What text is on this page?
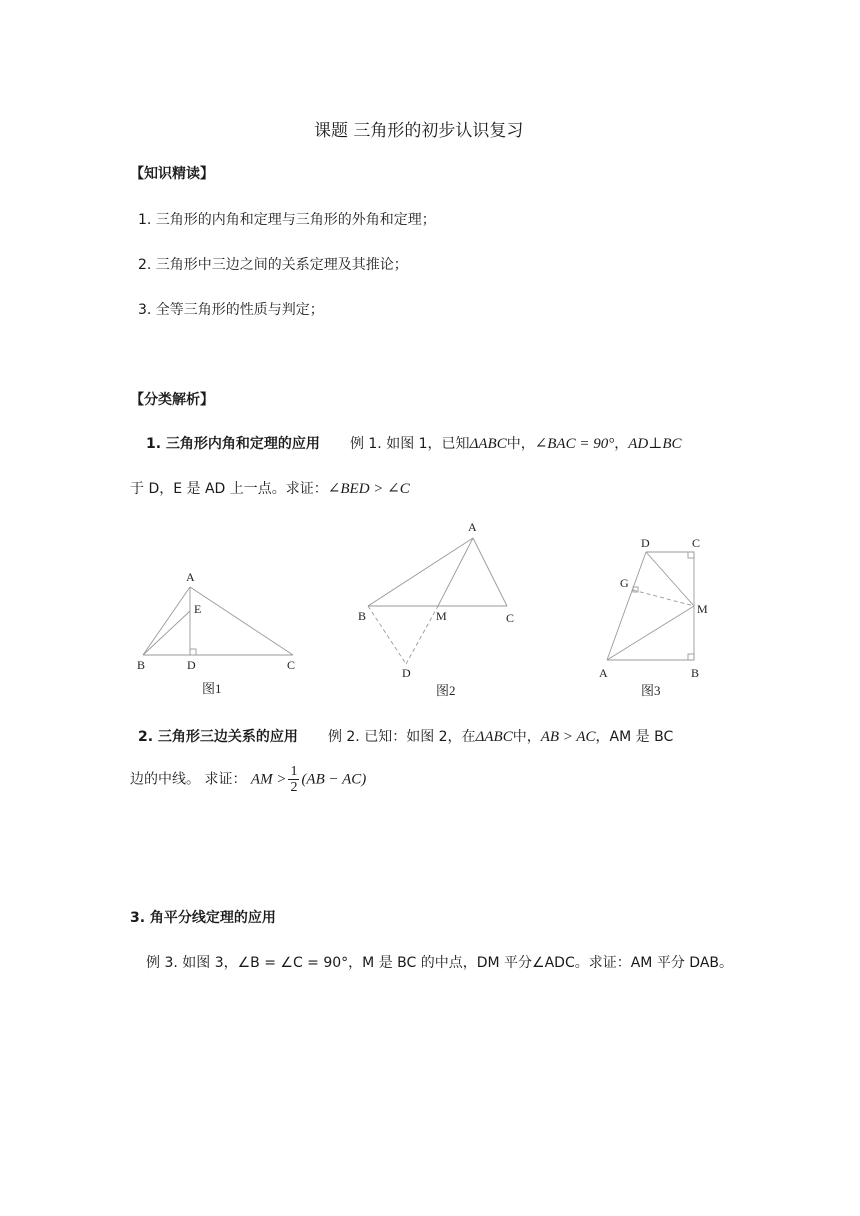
课题 三角形的初步认识复习
【知识精读】
1. 三角形的内角和定理与三角形的外角和定理；
2. 三角形中三边之间的关系定理及其推论；
3. 全等三角形的性质与判定；
【分类解析】
1. 三角形内角和定理的应用 例 1. 如图 1，已知ΔABC中，∠BAC = 90°，AD⊥BC
于 D，E 是 AD 上一点。求证：∠BED > ∠C
A
E
B	D	C
图1
A
B	M	C
D
图2
D	C
G
M
A	B
图3
2. 三角形三边关系的应用 例 2. 已知：如图 2，在ΔABC中，AB > AC，AM 是 BC
边的中线。 求证： AM > $\frac{1}{2} (AB - AC)$
3. 角平分线定理的应用
例 3. 如图 3，∠B = ∠C = 90°，M 是 BC 的中点，DM 平分∠ADC。求证：AM 平分 DAB。
